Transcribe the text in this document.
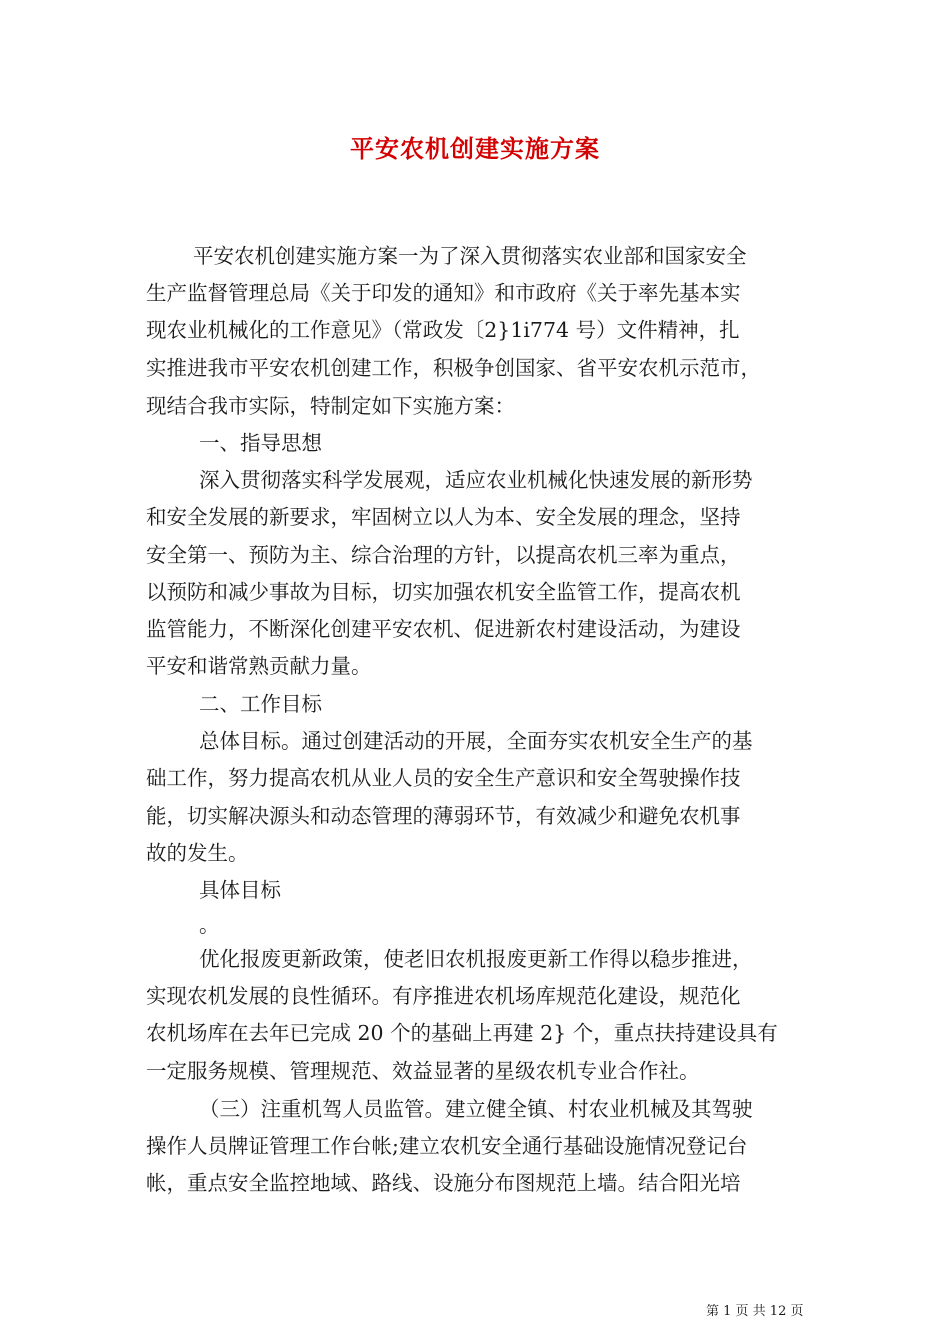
平安农机创建实施方案
平安农机创建实施方案一为了深入贯彻落实农业部和国家安全
生产监督管理总局《关于印发的通知》和市政府《关于率先基本实
现农业机械化的工作意见》（常政发〔2}1i774 号）文件精神，扎
实推进我市平安农机创建工作，积极争创国家、省平安农机示范市，
现结合我市实际，特制定如下实施方案：
一、指导思想
深入贯彻落实科学发展观，适应农业机械化快速发展的新形势
和安全发展的新要求，牢固树立以人为本、安全发展的理念，坚持
安全第一、预防为主、综合治理的方针，以提高农机三率为重点，
以预防和减少事故为目标，切实加强农机安全监管工作，提高农机
监管能力，不断深化创建平安农机、促进新农村建设活动，为建设
平安和谐常熟贡献力量。
二、工作目标
总体目标。通过创建活动的开展，全面夯实农机安全生产的基
础工作，努力提高农机从业人员的安全生产意识和安全驾驶操作技
能，切实解决源头和动态管理的薄弱环节，有效减少和避免农机事
故的发生。
具体目标
。
优化报废更新政策，使老旧农机报废更新工作得以稳步推进，
实现农机发展的良性循环。有序推进农机场库规范化建设，规范化
农机场库在去年已完成 20 个的基础上再建 2} 个，重点扶持建设具有
一定服务规模、管理规范、效益显著的星级农机专业合作社。
（三）注重机驾人员监管。建立健全镇、村农业机械及其驾驶
操作人员牌证管理工作台帐;建立农机安全通行基础设施情况登记台
帐，重点安全监控地域、路线、设施分布图规范上墙。结合阳光培
第 1 页 共 12 页
